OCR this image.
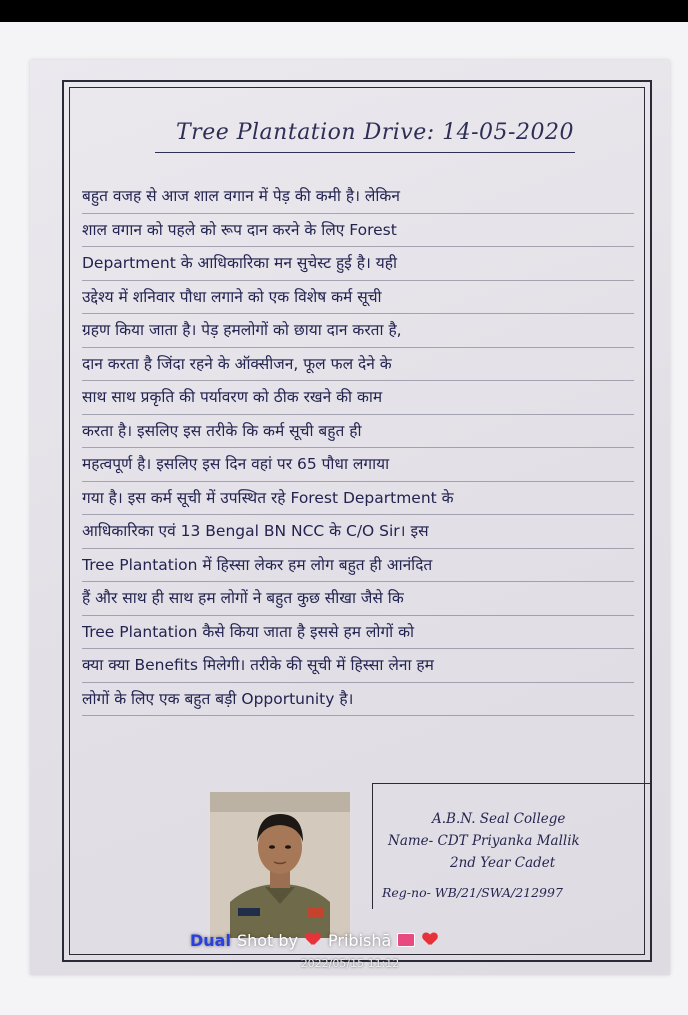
Tree Plantation Drive: 14-05-2020
बहुत वजह से आज शाल वगान में पेड़ की कमी है। लेकिन
शाल वगान को पहले को रूप दान करने के लिए Forest
Department के आधिकारिका मन सुचेस्ट हुई है। यही
उद्देश्य में शनिवार पौधा लगाने को एक विशेष कर्म सूची
ग्रहण किया जाता है। पेड़ हमलोगों को छाया दान करता है,
दान करता है जिंदा रहने के ऑक्सीजन, फूल फल देने के
साथ साथ प्रकृति की पर्यावरण को ठीक रखने की काम
करता है। इसलिए इस तरीके कि कर्म सूची बहुत ही
महत्वपूर्ण है। इसलिए इस दिन वहां पर 65 पौधा लगाया
गया है। इस कर्म सूची में उपस्थित रहे Forest Department के
आधिकारिका एवं 13 Bengal BN NCC के C/O Sir। इस
Tree Plantation में हिस्सा लेकर हम लोग बहुत ही आनंदित
हैं और साथ ही साथ हम लोगों ने बहुत कुछ सीखा जैसे कि
Tree Plantation कैसे किया जाता है इससे हम लोगों को
क्या क्या Benefits मिलेगी। तरीके की सूची में हिस्सा लेना हम
लोगों के लिए एक बहुत बड़ी Opportunity है।
A.B.N. Seal College
Name- CDT Priyanka Mallik
2nd Year Cadet
Reg-no- WB/21/SWA/212997
Dual Shot by Pribishā
2022/05/15 11:12
